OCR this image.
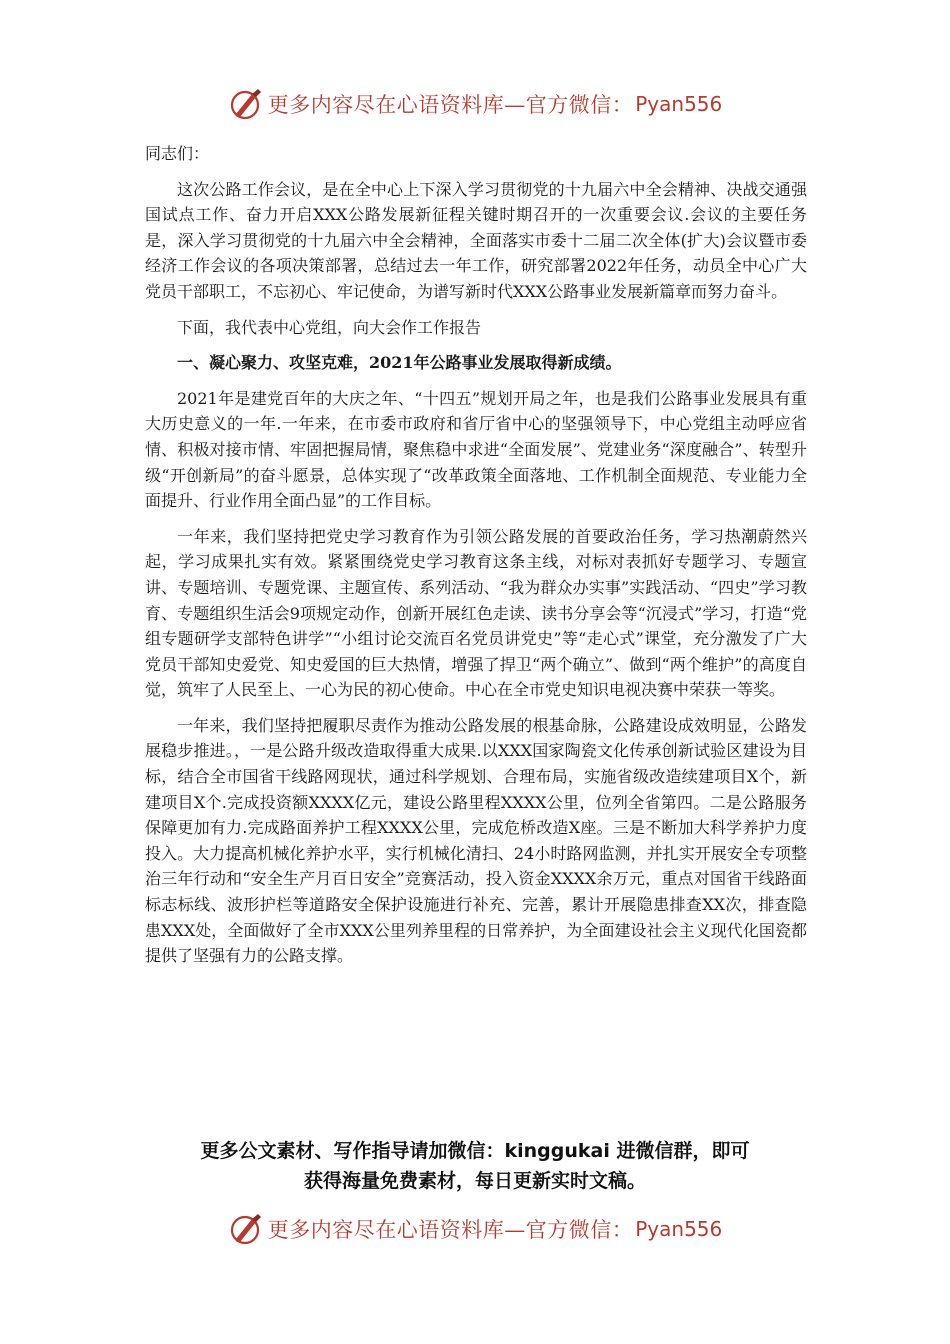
更多内容尽在心语资料库—官方微信： Pyan556

同志们：

这次公路工作会议，是在全中心上下深入学习贯彻党的十九届六中全会精神、决战交通强国试点工作、奋力开启XXX公路发展新征程关键时期召开的一次重要会议.会议的主要任务是，深入学习贯彻党的十九届六中全会精神，全面落实市委十二届二次全体(扩大)会议暨市委经济工作会议的各项决策部署，总结过去一年工作，研究部署2022年任务，动员全中心广大党员干部职工，不忘初心、牢记使命，为谱写新时代XXX公路事业发展新篇章而努力奋斗。

下面，我代表中心党组，向大会作工作报告

一、凝心聚力、攻坚克难，2021年公路事业发展取得新成绩。

2021年是建党百年的大庆之年、“十四五”规划开局之年，也是我们公路事业发展具有重大历史意义的一年.一年来，在市委市政府和省厅省中心的坚强领导下，中心党组主动呼应省情、积极对接市情、牢固把握局情，聚焦稳中求进“全面发展”、党建业务“深度融合”、转型升级“开创新局”的奋斗愿景，总体实现了“改革政策全面落地、工作机制全面规范、专业能力全面提升、行业作用全面凸显”的工作目标。

一年来，我们坚持把党史学习教育作为引领公路发展的首要政治任务，学习热潮蔚然兴起，学习成果扎实有效。紧紧围绕党史学习教育这条主线，对标对表抓好专题学习、专题宣讲、专题培训、专题党课、主题宣传、系列活动、“我为群众办实事”实践活动、“四史”学习教育、专题组织生活会9项规定动作，创新开展红色走读、读书分享会等“沉浸式”学习，打造“党组专题研学支部特色讲学”“小组讨论交流百名党员讲党史”等“走心式”课堂，充分激发了广大党员干部知史爱党、知史爱国的巨大热情，增强了捍卫“两个确立”、做到“两个维护”的高度自觉，筑牢了人民至上、一心为民的初心使命。中心在全市党史知识电视决赛中荣获一等奖。

一年来，我们坚持把履职尽责作为推动公路发展的根基命脉，公路建设成效明显，公路发展稳步推进。，一是公路升级改造取得重大成果.以XXX国家陶瓷文化传承创新试验区建设为目标，结合全市国省干线路网现状，通过科学规划、合理布局，实施省级改造续建项目X个，新建项目X个.完成投资额XXXX亿元，建设公路里程XXXX公里，位列全省第四。二是公路服务保障更加有力.完成路面养护工程XXXX公里，完成危桥改造X座。三是不断加大科学养护力度投入。大力提高机械化养护水平，实行机械化清扫、24小时路网监测，并扎实开展安全专项整治三年行动和“安全生产月百日安全”竞赛活动，投入资金XXXX余万元，重点对国省干线路面标志标线、波形护栏等道路安全保护设施进行补充、完善，累计开展隐患排查XX次，排查隐患XXX处，全面做好了全市XXX公里列养里程的日常养护，为全面建设社会主义现代化国瓷都提供了坚强有力的公路支撑。

更多公文素材、写作指导请加微信：kinggukai 进微信群，即可
获得海量免费素材，每日更新实时文稿。
更多内容尽在心语资料库—官方微信： Pyan556
